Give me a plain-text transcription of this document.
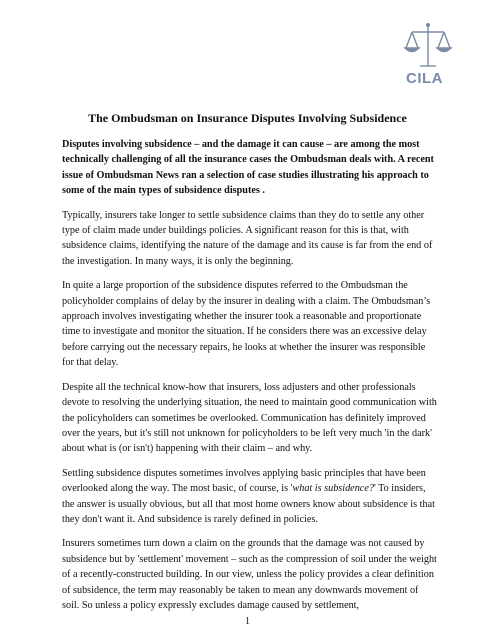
CILA
The Ombudsman on Insurance Disputes Involving Subsidence

Disputes involving subsidence – and the damage it can cause – are among the most technically challenging of all the insurance cases the Ombudsman deals with. A recent issue of Ombudsman News ran a selection of case studies illustrating his approach to some of the main types of subsidence disputes .

Typically, insurers take longer to settle subsidence claims than they do to settle any other type of claim made under buildings policies. A significant reason for this is that, with subsidence claims, identifying the nature of the damage and its cause is far from the end of the investigation. In many ways, it is only the beginning.

In quite a large proportion of the subsidence disputes referred to the Ombudsman the policyholder complains of delay by the insurer in dealing with a claim. The Ombudsman’s approach involves investigating whether the insurer took a reasonable and proportionate time to investigate and monitor the situation. If he considers there was an excessive delay before carrying out the necessary repairs, he looks at whether the insurer was responsible for that delay.

Despite all the technical know-how that insurers, loss adjusters and other professionals devote to resolving the underlying situation, the need to maintain good communication with the policyholders can sometimes be overlooked. Communication has definitely improved over the years, but it's still not unknown for policyholders to be left very much 'in the dark' about what is (or isn't) happening with their claim – and why.

Settling subsidence disputes sometimes involves applying basic principles that have been overlooked along the way. The most basic, of course, is 'what is subsidence?' To insiders, the answer is usually obvious, but all that most home owners know about subsidence is that they don't want it. And subsidence is rarely defined in policies.

Insurers sometimes turn down a claim on the grounds that the damage was not caused by subsidence but by 'settlement' movement – such as the compression of soil under the weight of a recently-constructed building. In our view, unless the policy provides a clear definition of subsidence, the term may reasonably be taken to mean any downwards movement of soil. So unless a policy expressly excludes damage caused by settlement,

1
